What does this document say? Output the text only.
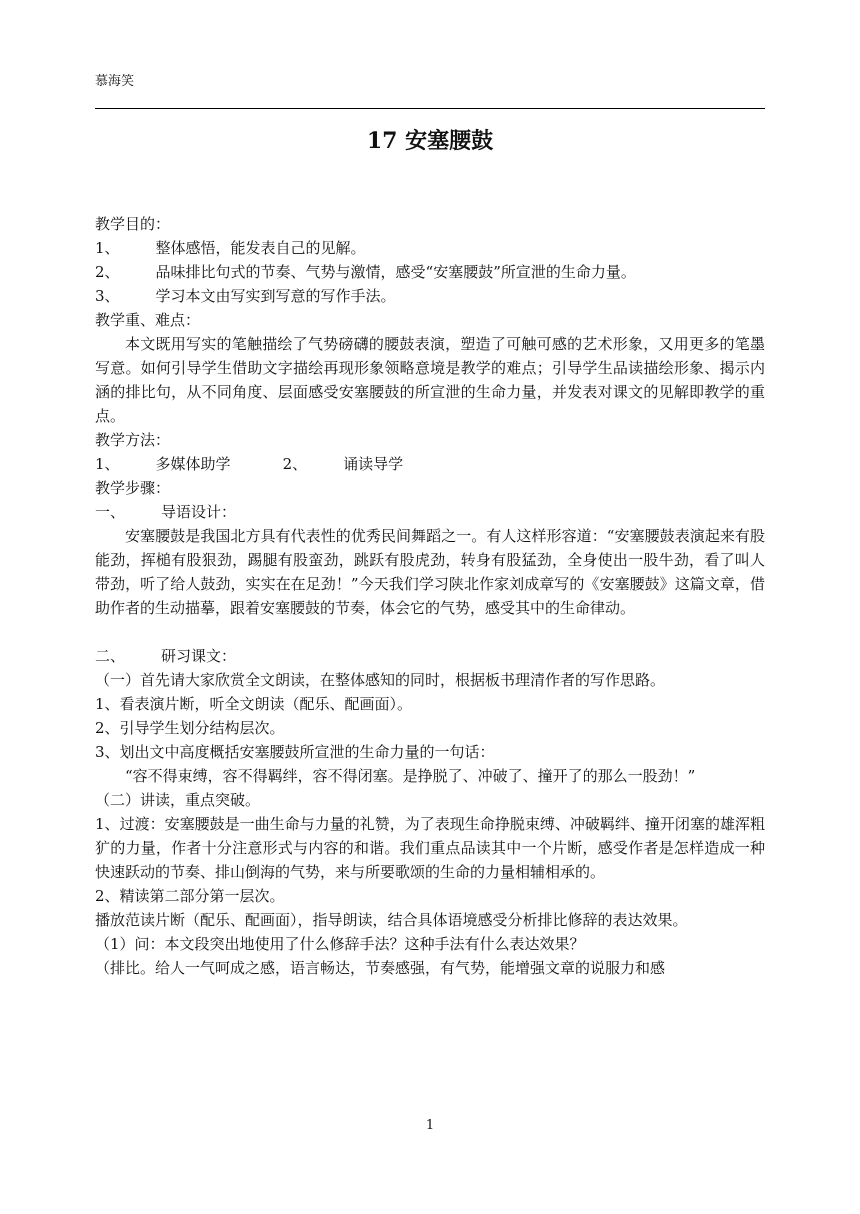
慕海笑
17 安塞腰鼓

教学目的：

1、 整体感悟，能发表自己的见解。

2、 品味排比句式的节奏、气势与激情，感受“安塞腰鼓”所宣泄的生命力量。

3、 学习本文由写实到写意的写作手法。

教学重、难点：

本文既用写实的笔触描绘了气势磅礴的腰鼓表演，塑造了可触可感的艺术形象，又用更多的笔墨写意。如何引导学生借助文字描绘再现形象领略意境是教学的难点；引导学生品读描绘形象、揭示内涵的排比句，从不同角度、层面感受安塞腰鼓的所宣泄的生命力量，并发表对课文的见解即教学的重点。

教学方法：

1、 多媒体助学	2、 诵读导学

教学步骤：

一、 导语设计：

安塞腰鼓是我国北方具有代表性的优秀民间舞蹈之一。有人这样形容道：“安塞腰鼓表演起来有股能劲，挥槌有股狠劲，踢腿有股蛮劲，跳跃有股虎劲，转身有股猛劲，全身使出一股牛劲，看了叫人带劲，听了给人鼓劲，实实在在足劲！”今天我们学习陕北作家刘成章写的《安塞腰鼓》这篇文章，借助作者的生动描摹，跟着安塞腰鼓的节奏，体会它的气势，感受其中的生命律动。

二、 研习课文：

（一）首先请大家欣赏全文朗读，在整体感知的同时，根据板书理清作者的写作思路。

1、看表演片断，听全文朗读（配乐、配画面）。

2、引导学生划分结构层次。

3、划出文中高度概括安塞腰鼓所宣泄的生命力量的一句话：

“容不得束缚，容不得羁绊，容不得闭塞。是挣脱了、冲破了、撞开了的那么一股劲！”

（二）讲读，重点突破。

1、过渡：安塞腰鼓是一曲生命与力量的礼赞，为了表现生命挣脱束缚、冲破羁绊、撞开闭塞的雄浑粗犷的力量，作者十分注意形式与内容的和谐。我们重点品读其中一个片断，感受作者是怎样造成一种快速跃动的节奏、排山倒海的气势，来与所要歌颂的生命的力量相辅相承的。

2、精读第二部分第一层次。

播放范读片断（配乐、配画面），指导朗读，结合具体语境感受分析排比修辞的表达效果。

（1）问：本文段突出地使用了什么修辞手法？这种手法有什么表达效果？

（排比。给人一气呵成之感，语言畅达，节奏感强，有气势，能增强文章的说服力和感

1
